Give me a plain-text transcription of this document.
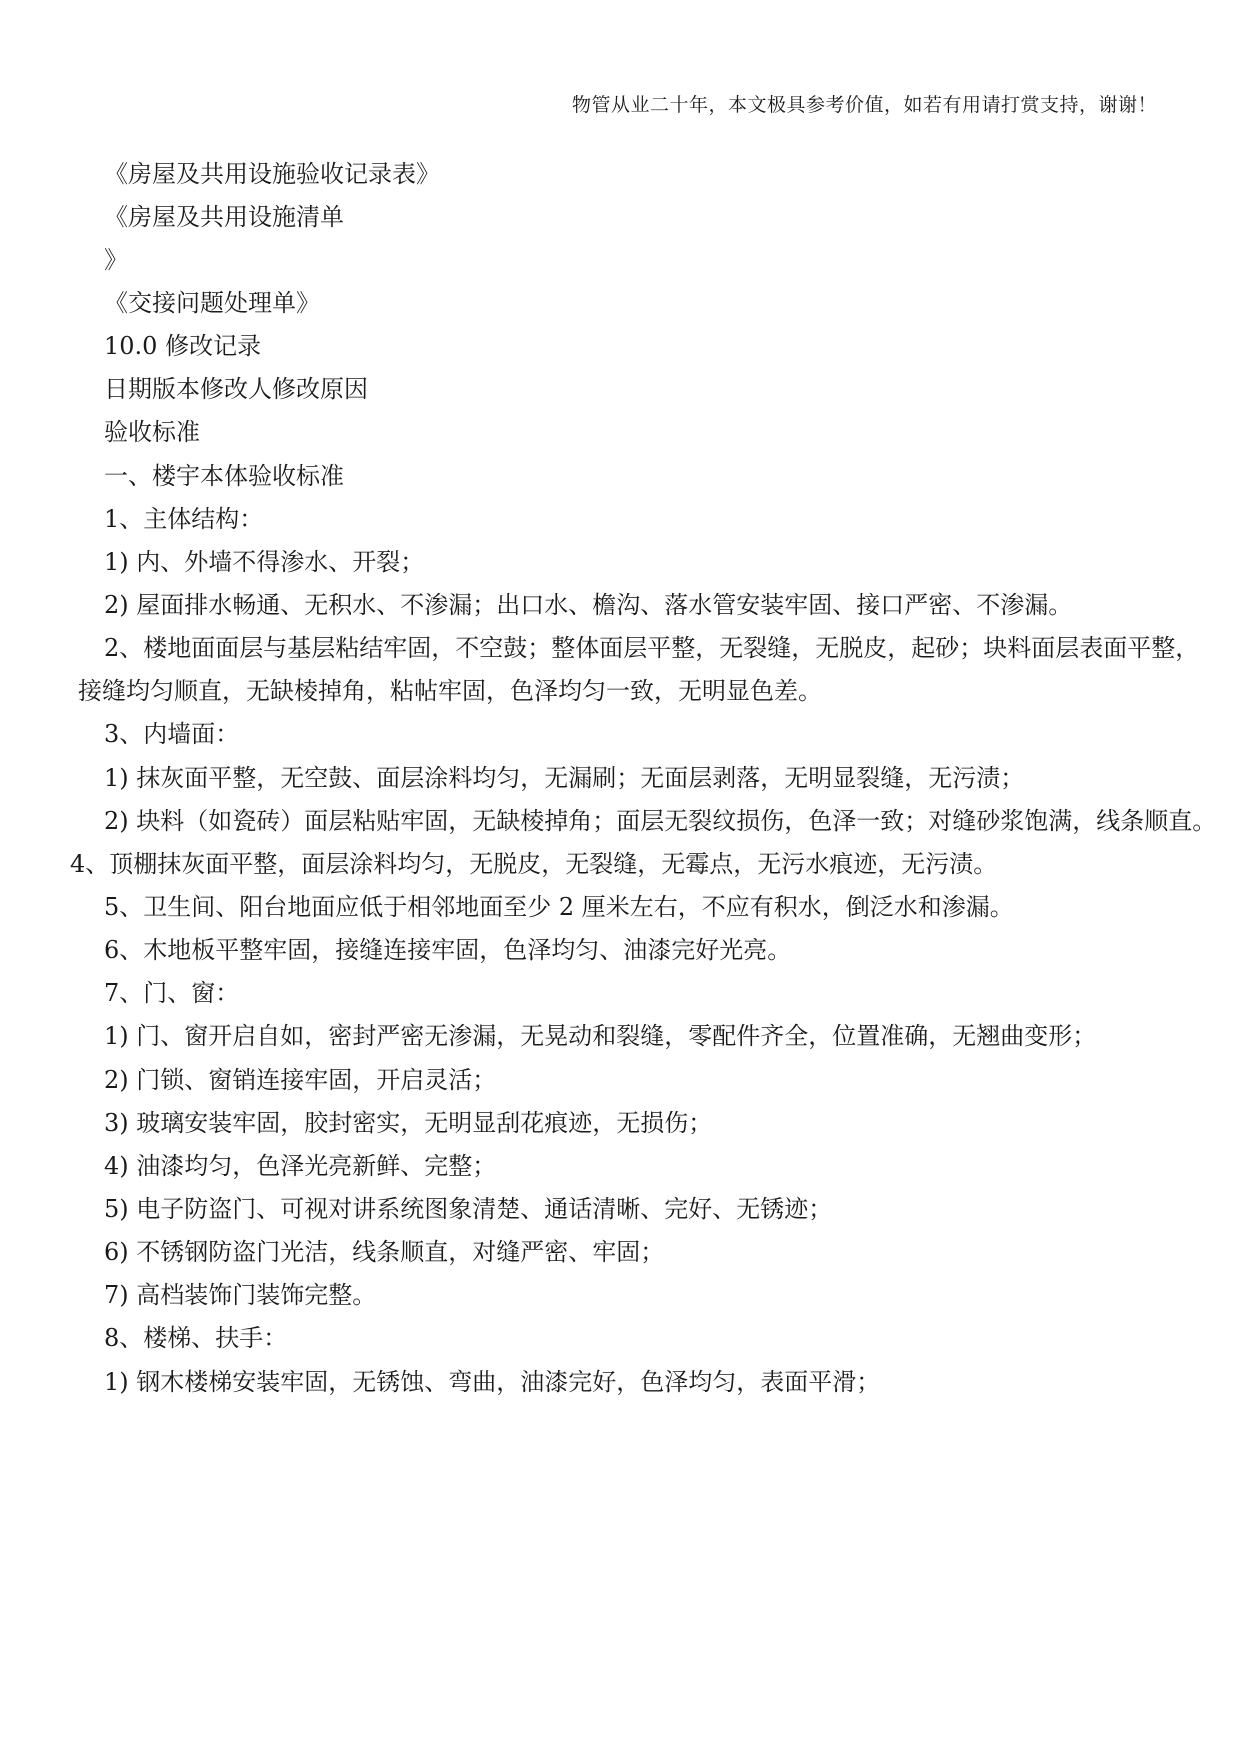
物管从业二十年，本文极具参考价值，如若有用请打赏支持，谢谢！
《房屋及共用设施验收记录表》
《房屋及共用设施清单
》
《交接问题处理单》
10.0 修改记录
日期版本修改人修改原因
验收标准
一、楼宇本体验收标准
1、主体结构：
1) 内、外墙不得渗水、开裂；
2) 屋面排水畅通、无积水、不渗漏；出口水、檐沟、落水管安装牢固、接口严密、不渗漏。
2、楼地面面层与基层粘结牢固，不空鼓；整体面层平整，无裂缝，无脱皮，起砂；块料面层表面平整，
接缝均匀顺直，无缺棱掉角，粘帖牢固，色泽均匀一致，无明显色差。
3、内墙面：
1) 抹灰面平整，无空鼓、面层涂料均匀，无漏刷；无面层剥落，无明显裂缝，无污渍；
2) 块料（如瓷砖）面层粘贴牢固，无缺棱掉角；面层无裂纹损伤，色泽一致；对缝砂浆饱满，线条顺直。
4、顶棚抹灰面平整，面层涂料均匀，无脱皮，无裂缝，无霉点，无污水痕迹，无污渍。
5、卫生间、阳台地面应低于相邻地面至少 2 厘米左右，不应有积水，倒泛水和渗漏。
6、木地板平整牢固，接缝连接牢固，色泽均匀、油漆完好光亮。
7、门、窗：
1) 门、窗开启自如，密封严密无渗漏，无晃动和裂缝，零配件齐全，位置准确，无翘曲变形；
2) 门锁、窗销连接牢固，开启灵活；
3) 玻璃安装牢固，胶封密实，无明显刮花痕迹，无损伤；
4) 油漆均匀，色泽光亮新鲜、完整；
5) 电子防盗门、可视对讲系统图象清楚、通话清晰、完好、无锈迹；
6) 不锈钢防盗门光洁，线条顺直，对缝严密、牢固；
7) 高档装饰门装饰完整。
8、楼梯、扶手：
1) 钢木楼梯安装牢固，无锈蚀、弯曲，油漆完好，色泽均匀，表面平滑；
